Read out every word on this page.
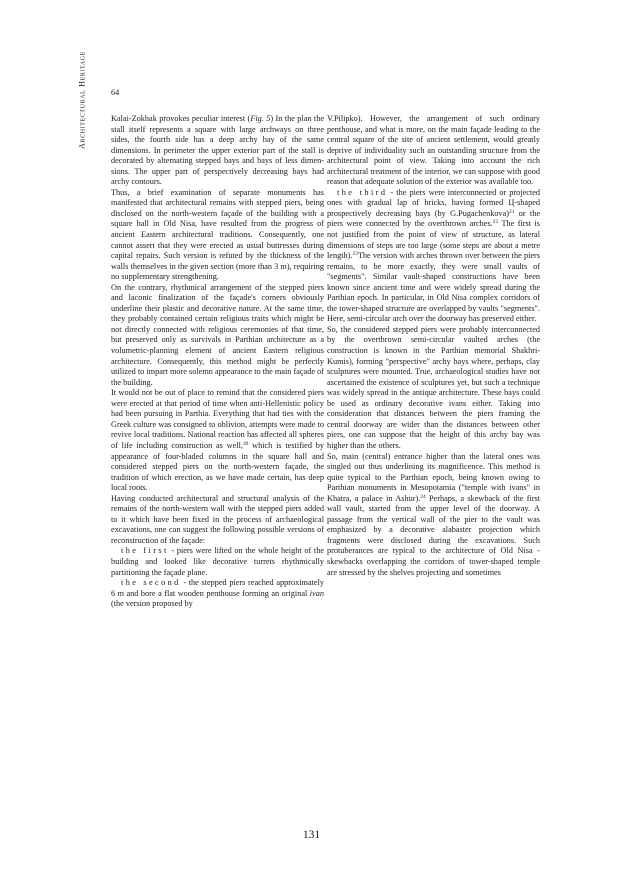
Architectural Heritage	64

Kalai-Zokhak provokes peculiar interest (Fig. 5) In the plan the stall itself represents a square with large archways on three sides, the fourth side has a deep archy bay of the same dimensions. In perimeter the upper exterior part of the stall is decorated by alternating stepped bays and bays of less dimensions. The upper part of perspectively decreasing bays had archy contours.

Thus, a brief examination of separate monuments has manifested that architectural remains with stepped piers, being disclosed on the north-western façade of the building with a square hall in Old Nisa, have resulted from the progress of ancient Eastern architectural traditions. Consequently, one cannot assert that they were erected as usual buttresses during capital repairs. Such version is refuted by the thickness of the walls themselves in the given section (more than 3 m), requiring no supplementary strengthening.

On the contrary, rhythmical arrangement of the stepped piers and laconic finalization of the façade's corners obviously underline their plastic and decorative nature. At the same time, they probably contained certain religious traits which might be not directly connected with religious ceremonies of that time, but preserved only as survivals in Parthian architecture as a volumetric-planning element of ancient Eastern religious architecture. Consequently, this method might be perfectly utilized to impart more solemn appearance to the main façade of the building.

It would not be out of place to remind that the considered piers were erected at that period of time when anti-Hellenistic policy had been pursuing in Parthia. Everything that had ties with the Greek culture was consigned to oblivion, attempts were made to revive local traditions. National reaction has affected all spheres of life including construction as well,$^{20}$ which is testified by appearance of four-bladed columns in the square hall and considered stepped piers on the north-western façade, the tradition of which erection, as we have made certain, has deep local roots.

Having conducted architectural and structural analysis of the remains of the north-western wall with the stepped piers added to it which have been fixed in the process of archaeological excavations, one can suggest the following possible versions of reconstruction of the façade:

the first - piers were lifted on the whole height of the building and looked like decorative turrets rhythmically partitioning the façade plane.

the second - the stepped piers reached approximately 6 m and bore a flat wooden penthouse forming an original ivan (the version proposed by

V.Pilipko). However, the arrangement of such ordinary penthouse, and what is more, on the main façade leading to the central square of the site of ancient settlement, would greatly deprive of individuality such an outstanding structure from the architectural point of view. Taking into account the rich architectural treatment of the interior, we can suppose with good reason that adequate solution of the exterior was available too.

the third - the piers were interconnected or projected ones with gradual lap of bricks, having formed Ц-shaped prospectively decreasing bays (by G.Pugachenkova)$^{21}$ or the piers were connected by the overthrown arches.$^{22}$ The first is not justified from the point of view of structure, as lateral dimensions of steps are too large (some steps are about a metre length).$^{23}$The version with arches thrown over between the piers remains, to be more exactly, they were small vaults of "segments". Similar vault-shaped constructions have been known since ancient time and were widely spread during the Parthian epoch. In particular, in Old Nisa complex corridors of the tower-shaped structure are overlapped by vaults "segments". Here, semi-circular arch over the doorway has preserved either.

So, the considered stepped piers were probably interconnected by the overthrown semi-circular vaulted arches (the construction is known in the Parthian memorial Shakhri-Kumis), forming "perspective" archy bays where, perhaps, clay sculptures were mounted. True, archaeological studies have not ascertained the existence of sculptures yet, but such a technique was widely spread in the antique architecture. These bays could be used as ordinary decorative ivans either. Taking into consideration that distances between the piers framing the central doorway are wider than the distances between other piers, one can suppose that the height of this archy bay was higher than the others.

So, main (central) entrance higher than the lateral ones was singled out thus underlining its magnificence. This method is quite typical to the Parthian epoch, being known owing to Parthian monuments in Mesopotamia ("temple with ivans" in Khatra, a palace in Ashur).$^{24}$ Perhaps, a skewback of the first wall vault, started from the upper level of the doorway. A passage from the vertical wall of the pier to the vault was emphasized by a decorative alabaster projection which fragments were disclosed during the excavations. Such protuberances are typical to the architecture of Old Nisa - skewbacks overlapping the corridors of tower-shaped temple are stressed by the shelves projecting and sometimes

131
